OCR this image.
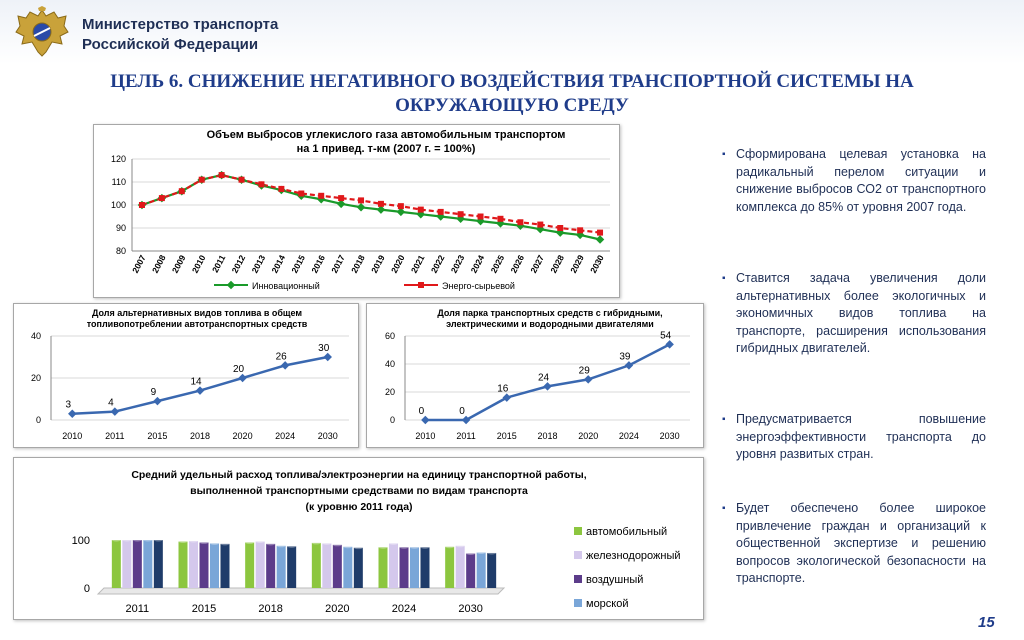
Министерство транспорта
Российской Федерации
ЦЕЛЬ 6. СНИЖЕНИЕ НЕГАТИВНОГО ВОЗДЕЙСТВИЯ ТРАНСПОРТНОЙ СИСТЕМЫ НА ОКРУЖАЮЩУЮ СРЕДУ
Объем выбросов углекислого газа автомобильным транспортом
на 1 привед. т-км (2007 г. = 100%)
120
110
100
90
80
2007 2008 2009 2010 2011 2012 2013 2014 2015 2016 2017 2018 2019 2020 2021 2022 2023 2024 2025 2026 2027 2028 2029 2030
Инновационный	Энерго-сырьевой
Доля альтернативных видов топлива в общем
топливопотреблении автотранспортных средств
40
20
0
2010	2011	2015	2018	2020	2024	2030
3	4
9
14
20
26
30
Доля парка транспортных средств с гибридными,
электрическими и водородными двигателями
60
40
20
0
2010 2011 2015 2018 2020 2024 2030
0	0
16
24
29
39
54
Средний удельный расход топлива/электроэнергии на единицу транспортной работы,
выполненной транспортными средствами по видам транспорта
(к уровню 2011 года)
100
0
2011	2015	2018	2020	2024	2030
автомобильный
железнодорожный
воздушный
морской
▪ Сформирована целевая установка на радикальный перелом ситуации и снижение выбросов СО2 от транспортного комплекса до 85% от уровня 2007 года.
▪ Ставится задача увеличения доли альтернативных более экологичных и экономичных видов топлива на транспорте, расширения использования гибридных двигателей.
▪ Предусматривается повышение энергоэффективности транспорта до уровня развитых стран.
▪ Будет обеспечено более широкое привлечение граждан и организаций к общественной экспертизе и решению вопросов экологической безопасности на транспорте.
15
